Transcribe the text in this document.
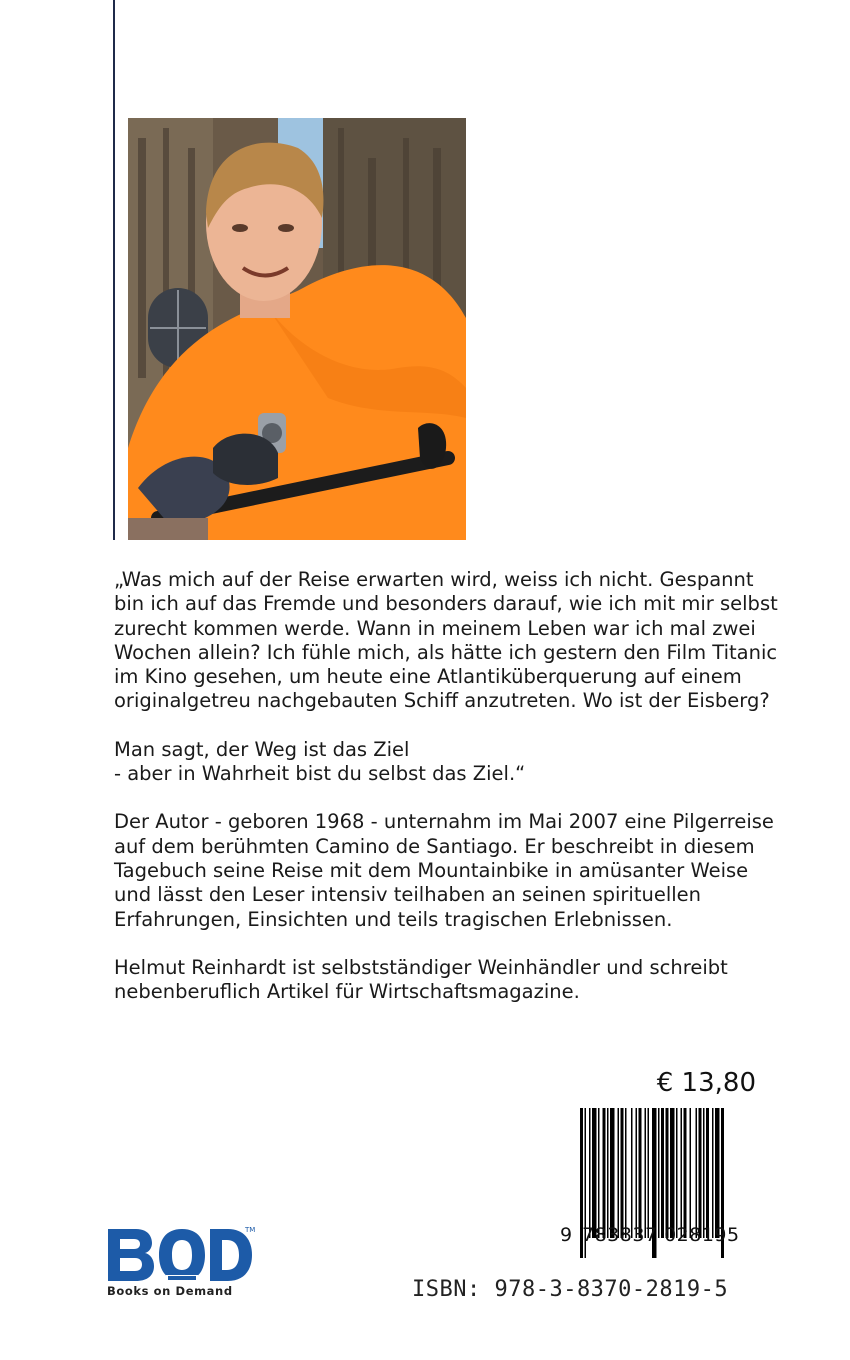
„Was mich auf der Reise erwarten wird, weiss ich nicht. Gespannt
bin ich auf das Fremde und besonders darauf, wie ich mit mir selbst
zurecht kommen werde. Wann in meinem Leben war ich mal zwei
Wochen allein? Ich fühle mich, als hätte ich gestern den Film Titanic
im Kino gesehen, um heute eine Atlantiküberquerung auf einem
originalgetreu nachgebauten Schiff anzutreten. Wo ist der Eisberg?

Man sagt, der Weg ist das Ziel
- aber in Wahrheit bist du selbst das Ziel.“

Der Autor - geboren 1968 - unternahm im Mai 2007 eine Pilgerreise
auf dem berühmten Camino de Santiago. Er beschreibt in diesem
Tagebuch seine Reise mit dem Mountainbike in amüsanter Weise
und lässt den Leser intensiv teilhaben an seinen spirituellen
Erfahrungen, Einsichten und teils tragischen Erlebnissen.

Helmut Reinhardt ist selbstständiger Weinhändler und schreibt
nebenberuflich Artikel für Wirtschaftsmagazine.

€ 13,80
9 783837 028195
ISBN: 978-3-8370-2819-5
TM
Books on Demand
